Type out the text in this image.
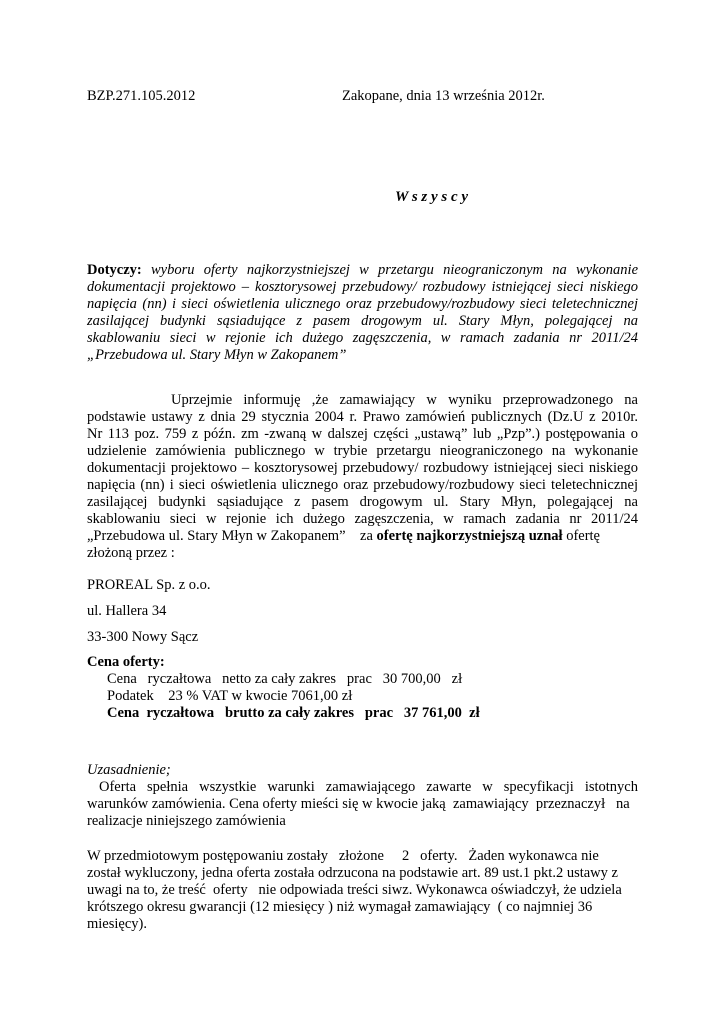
BZP.271.105.2012	Zakopane, dnia 13 września 2012r.
W s z y s c y
Dotyczy: wyboru oferty najkorzystniejszej w przetargu nieograniczonym na wykonanie
dokumentacji projektowo – kosztorysowej przebudowy/ rozbudowy istniejącej sieci niskiego
napięcia (nn) i sieci oświetlenia ulicznego oraz przebudowy/rozbudowy sieci teletechnicznej
zasilającej budynki sąsiadujące z pasem drogowym ul. Stary Młyn, polegającej na
skablowaniu sieci w rejonie ich dużego zagęszczenia, w ramach zadania nr 2011/24
„Przebudowa ul. Stary Młyn w Zakopanem”
Uprzejmie informuję ,że zamawiający w wyniku przeprowadzonego na
podstawie ustawy z dnia 29 stycznia 2004 r. Prawo zamówień publicznych (Dz.U z 2010r.
Nr 113 poz. 759 z późn. zm -zwaną w dalszej części „ustawą” lub „Pzp”.) postępowania o
udzielenie zamówienia publicznego w trybie przetargu nieograniczonego na wykonanie
dokumentacji projektowo – kosztorysowej przebudowy/ rozbudowy istniejącej sieci niskiego
napięcia (nn) i sieci oświetlenia ulicznego oraz przebudowy/rozbudowy sieci teletechnicznej
zasilającej budynki sąsiadujące z pasem drogowym ul. Stary Młyn, polegającej na
skablowaniu sieci w rejonie ich dużego zagęszczenia, w ramach zadania nr 2011/24
„Przebudowa ul. Stary Młyn w Zakopanem”    za ofertę najkorzystniejszą uznał ofertę
złożoną przez :
PROREAL Sp. z o.o.
ul. Hallera 34
33-300 Nowy Sącz
Cena oferty:
Cena   ryczałtowa   netto za cały zakres   prac   30 700,00   zł
Podatek    23 % VAT w kwocie 7061,00 zł
Cena  ryczałtowa   brutto za cały zakres   prac   37 761,00  zł
Uzasadnienie;
Oferta spełnia wszystkie warunki zamawiającego zawarte w specyfikacji istotnych
warunków zamówienia. Cena oferty mieści się w kwocie jaką  zamawiający  przeznaczył   na
realizacje niniejszego zamówienia
W przedmiotowym postępowaniu zostały   złożone     2   oferty.   Żaden wykonawca nie
został wykluczony, jedna oferta została odrzucona na podstawie art. 89 ust.1 pkt.2 ustawy z
uwagi na to, że treść  oferty   nie odpowiada treści siwz. Wykonawca oświadczył, że udziela
krótszego okresu gwarancji (12 miesięcy ) niż wymagał zamawiający  ( co najmniej 36
miesięcy).
